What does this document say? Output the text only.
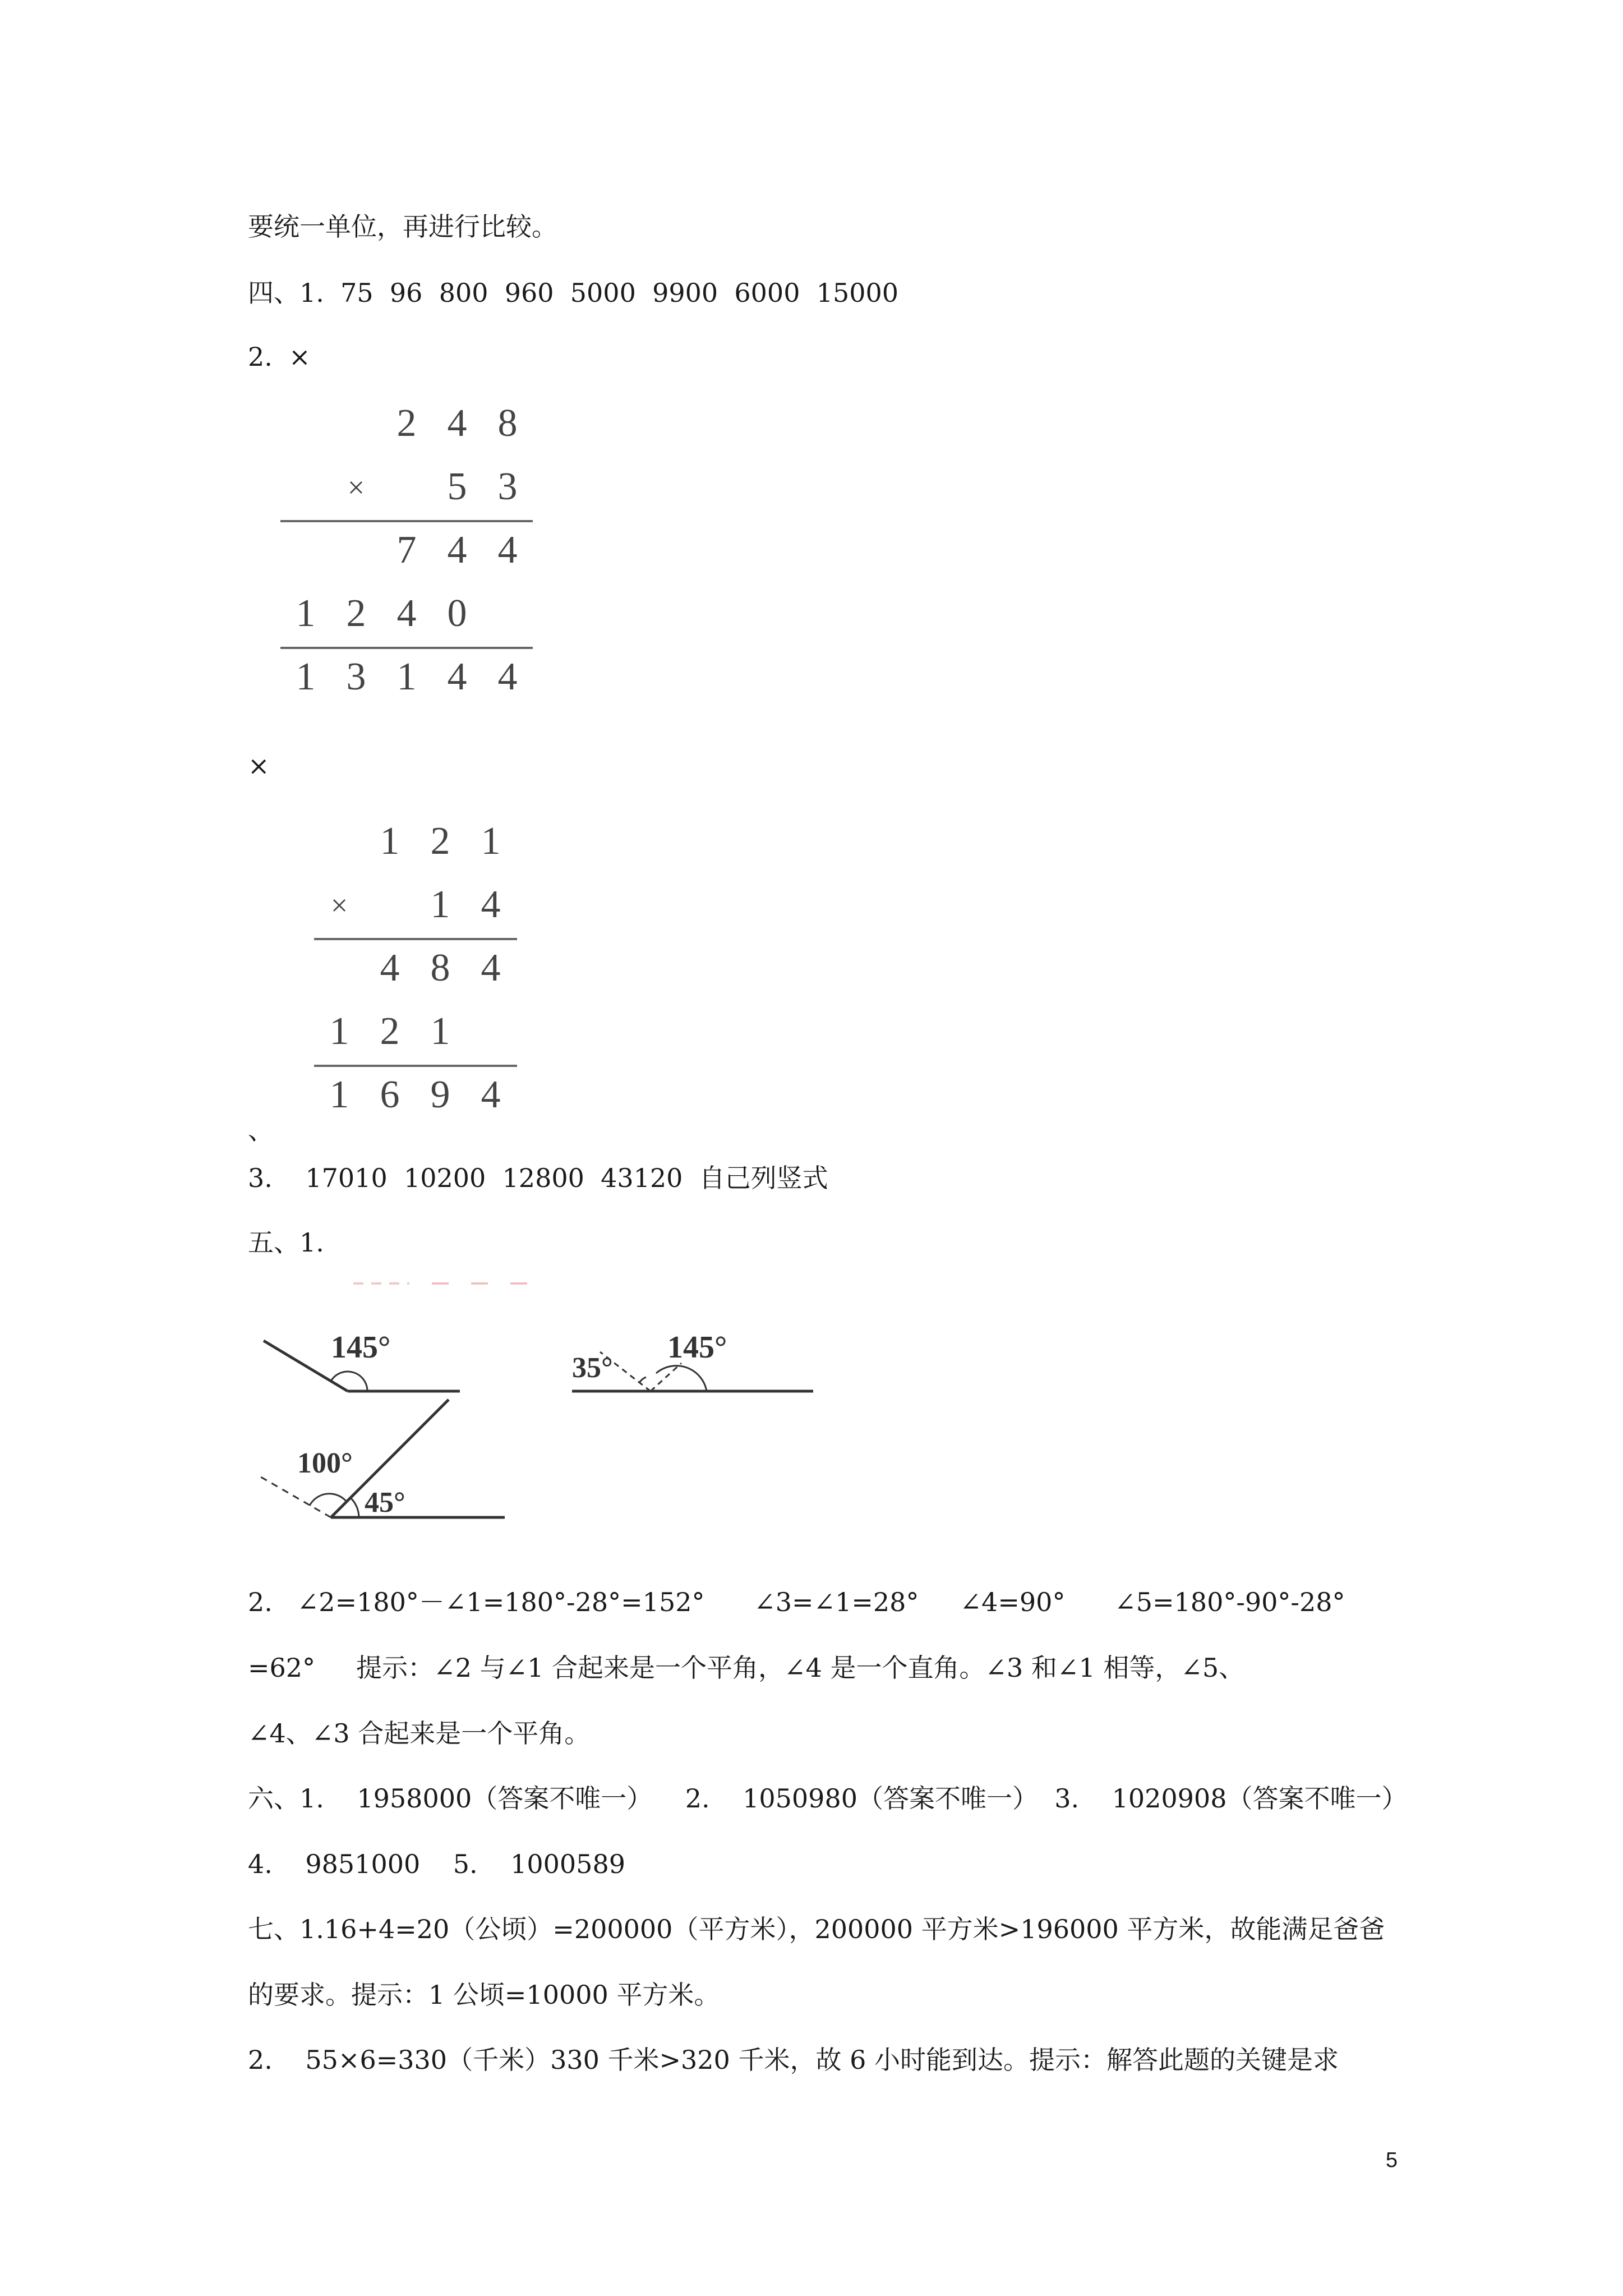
要统一单位，再进行比较。
四、1.  75  96  800  960  5000  9900  6000  15000
2.  ×
2 4 8
×	5 3
7 4 4
1 2 4 0
1 3 1 4 4
×
1 2 1
×	1 4
4 8 4
1 2 1
1 6 9 4
、
3.    17010  10200  12800  43120  自己列竖式
五、1.
145°
35°
145°
100°
45°
2.   ∠2=180°－∠1=180°-28°=152°      ∠3=∠1=28°     ∠4=90°      ∠5=180°-90°-28°
=62°     提示：∠2 与∠1 合起来是一个平角，∠4 是一个直角。∠3 和∠1 相等，∠5、
∠4、∠3 合起来是一个平角。
六、1.    1958000（答案不唯一）    2.    1050980（答案不唯一）  3.    1020908（答案不唯一）
4.    9851000    5.    1000589
七、1.16+4=20（公顷）=200000（平方米），200000 平方米>196000 平方米，故能满足爸爸
的要求。提示：1 公顷=10000 平方米。
2.    55×6=330（千米）330 千米>320 千米，故 6 小时能到达。提示：解答此题的关键是求
5
